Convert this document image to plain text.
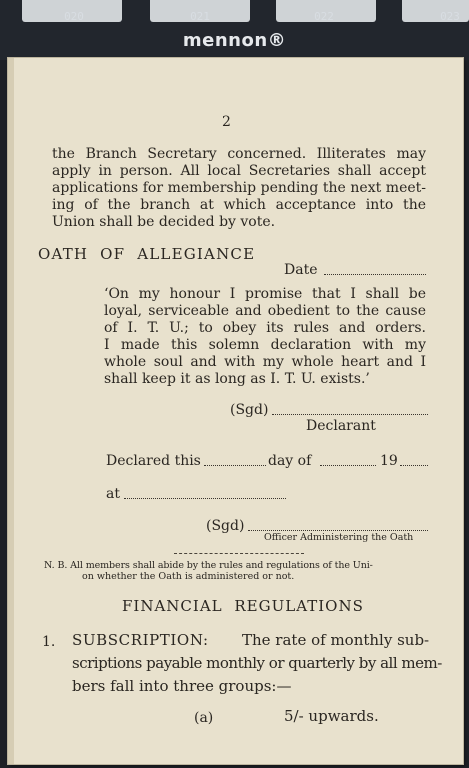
020	021	022	023
mennon®
2
the Branch Secretary concerned. Illiterates may
apply in person. All local Secretaries shall accept
applications for membership pending the next meet-
ing of the branch at which acceptance into the
Union shall be decided by vote.
OATH OF ALLEGIANCE
Date
‘On my honour I promise that I shall be
loyal, serviceable and obedient to the cause
of I. T. U.; to obey its rules and orders.
I made this solemn declaration with my
whole soul and with my whole heart and I
shall keep it as long as I. T. U. exists.’
(Sgd)
Declarant
Declared this	day of	19
at
(Sgd)
Officer Administering the Oath
N. B. All members shall abide by the rules and regulations of the Uni-
on whether the Oath is administered or not.
FINANCIAL REGULATIONS
1. SUBSCRIPTION: The rate of monthly sub-
scriptions payable monthly or quarterly by all mem-
bers fall into three groups:—
(a)	5/- upwards.
